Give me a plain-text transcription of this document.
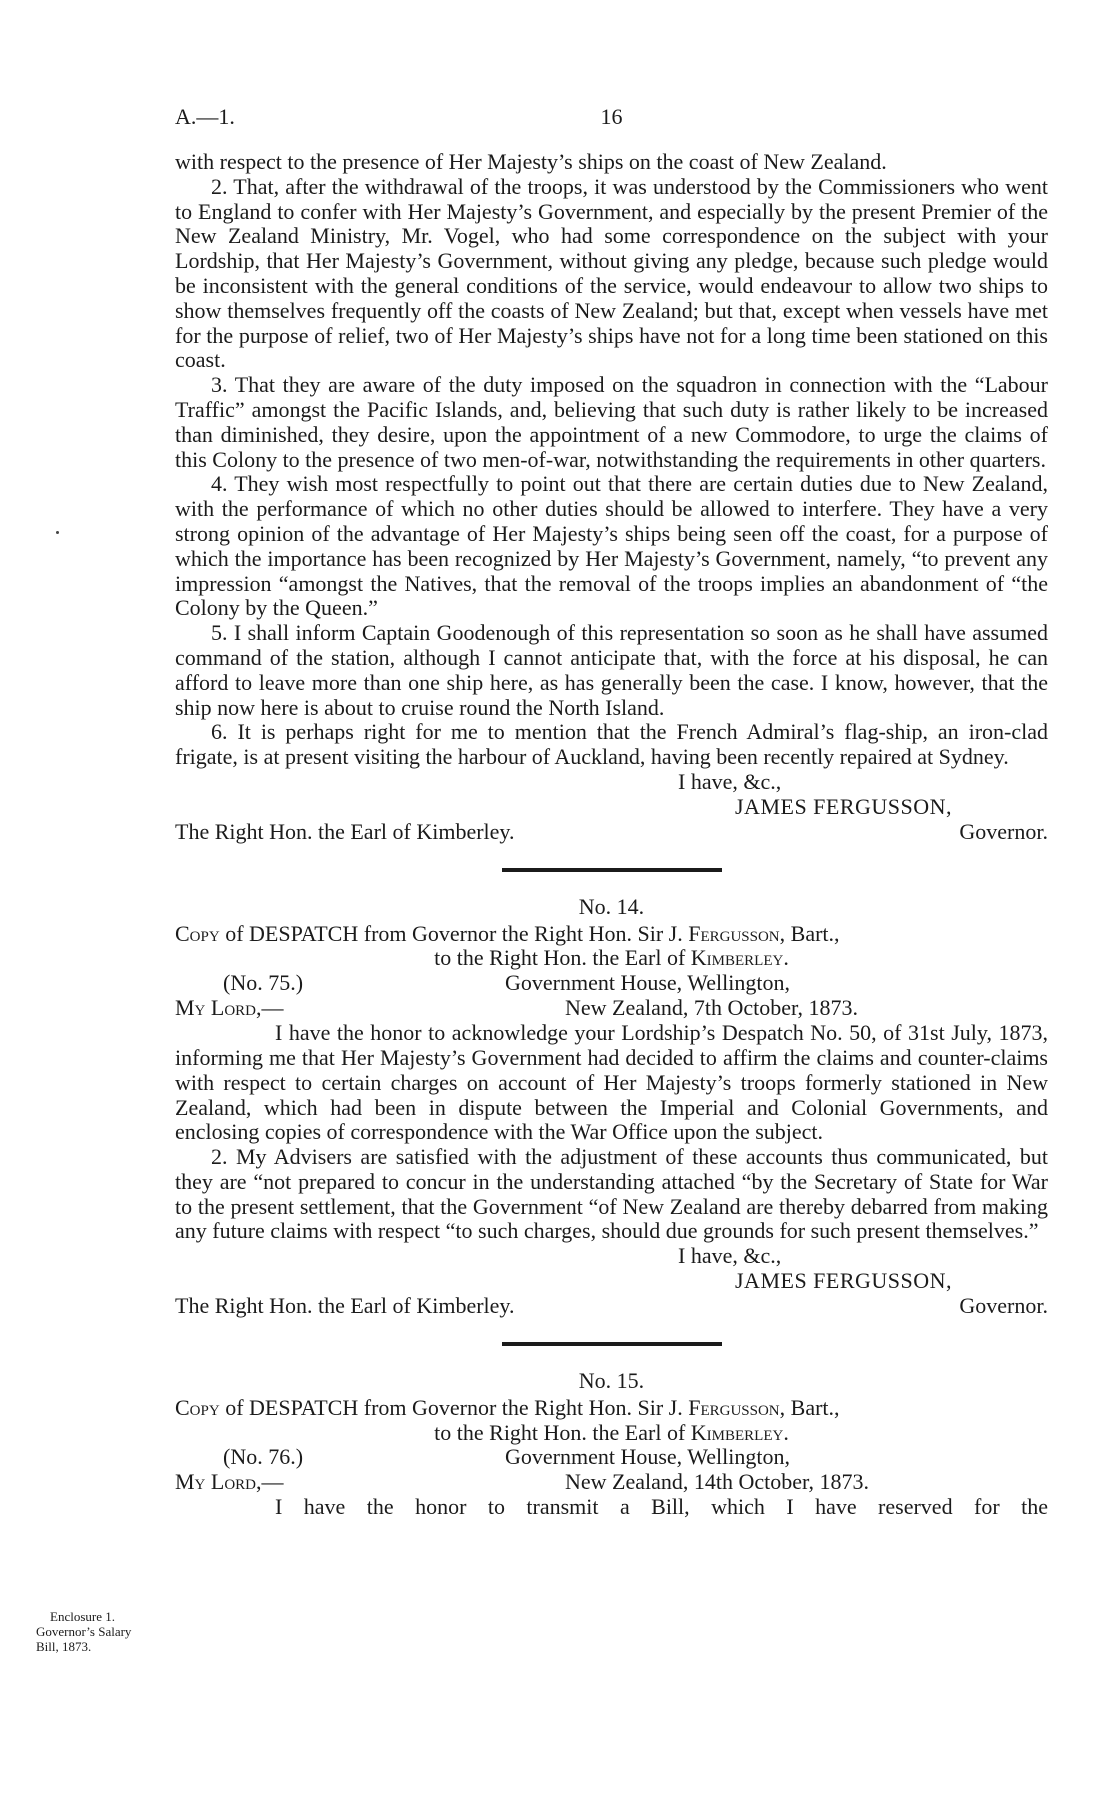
A.—1.	16

with respect to the presence of Her Majesty’s ships on the coast of New Zealand.

2. That, after the withdrawal of the troops, it was understood by the Commissioners who went to England to confer with Her Majesty’s Government, and especially by the present Premier of the New Zealand Ministry, Mr. Vogel, who had some correspondence on the subject with your Lordship, that Her Majesty’s Government, without giving any pledge, because such pledge would be inconsistent with the general conditions of the service, would endeavour to allow two ships to show themselves frequently off the coasts of New Zealand; but that, except when vessels have met for the purpose of relief, two of Her Majesty’s ships have not for a long time been stationed on this coast.

3. That they are aware of the duty imposed on the squadron in connection with the “Labour Traffic” amongst the Pacific Islands, and, believing that such duty is rather likely to be increased than diminished, they desire, upon the appointment of a new Commodore, to urge the claims of this Colony to the presence of two men-of-war, notwithstanding the requirements in other quarters.

4. They wish most respectfully to point out that there are certain duties due to New Zealand, with the performance of which no other duties should be allowed to interfere. They have a very strong opinion of the advantage of Her Majesty’s ships being seen off the coast, for a purpose of which the importance has been recognized by Her Majesty’s Government, namely, “to prevent any impression “amongst the Natives, that the removal of the troops implies an abandonment of “the Colony by the Queen.”

5. I shall inform Captain Goodenough of this representation so soon as he shall have assumed command of the station, although I cannot anticipate that, with the force at his disposal, he can afford to leave more than one ship here, as has generally been the case. I know, however, that the ship now here is about to cruise round the North Island.

6. It is perhaps right for me to mention that the French Admiral’s flag-ship, an iron-clad frigate, is at present visiting the harbour of Auckland, having been recently repaired at Sydney.

I have, &c.,
JAMES FERGUSSON,
The Right Hon. the Earl of Kimberley.	Governor.
No. 14.

Copy of DESPATCH from Governor the Right Hon. Sir J. Fergusson, Bart.,

to the Right Hon. the Earl of Kimberley.
(No. 75.)	Government House, Wellington,
My Lord,—	New Zealand, 7th October, 1873.

I have the honor to acknowledge your Lordship’s Despatch No. 50, of 31st July, 1873, informing me that Her Majesty’s Government had decided to affirm the claims and counter-claims with respect to certain charges on account of Her Majesty’s troops formerly stationed in New Zealand, which had been in dispute between the Imperial and Colonial Governments, and enclosing copies of correspondence with the War Office upon the subject.

2. My Advisers are satisfied with the adjustment of these accounts thus communicated, but they are “not prepared to concur in the understanding attached “by the Secretary of State for War to the present settlement, that the Government “of New Zealand are thereby debarred from making any future claims with respect “to such charges, should due grounds for such present themselves.”

I have, &c.,
JAMES FERGUSSON,
The Right Hon. the Earl of Kimberley.	Governor.
No. 15.

Copy of DESPATCH from Governor the Right Hon. Sir J. Fergusson, Bart.,

to the Right Hon. the Earl of Kimberley.
(No. 76.)	Government House, Wellington,
My Lord,—	New Zealand, 14th October, 1873.

I have the honor to transmit a Bill, which I have reserved for the

Enclosure 1.
Governor’s Salary
Bill, 1873.
